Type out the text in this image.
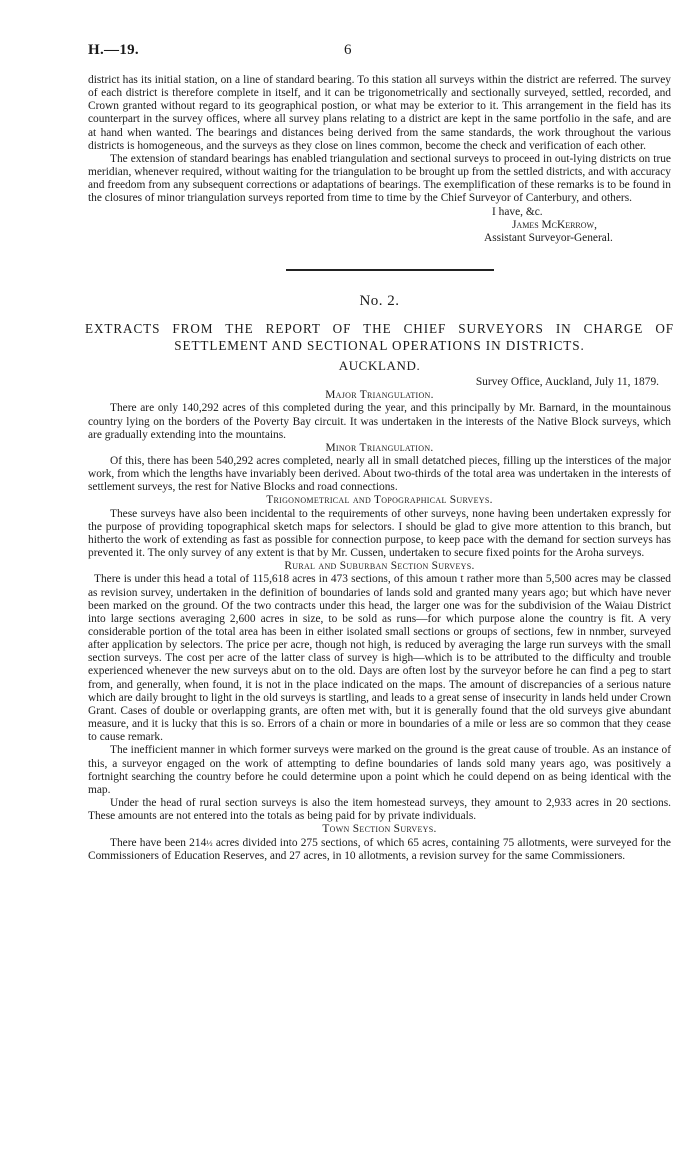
H.—19.	6

district has its initial station, on a line of standard bearing. To this station all surveys within the district are referred. The survey of each district is therefore complete in itself, and it can be trigonometrically and sectionally surveyed, settled, recorded, and Crown granted without regard to its geographical postion, or what may be exterior to it. This arrangement in the field has its counterpart in the survey offices, where all survey plans relating to a district are kept in the same portfolio in the safe, and are at hand when wanted. The bearings and distances being derived from the same standards, the work throughout the various districts is homogeneous, and the surveys as they close on lines common, become the check and verification of each other.

The extension of standard bearings has enabled triangulation and sectional surveys to proceed in out-lying districts on true meridian, whenever required, without waiting for the triangulation to be brought up from the settled districts, and with accuracy and freedom from any subsequent corrections or adaptations of bearings. The exemplification of these remarks is to be found in the closures of minor triangulation surveys reported from time to time by the Chief Surveyor of Canterbury, and others.

I have, &c.
James McKerrow,
Assistant Surveyor-General.
No. 2.
EXTRACTS FROM THE REPORT OF THE CHIEF SURVEYORS IN CHARGE OF
SETTLEMENT AND SECTIONAL OPERATIONS IN DISTRICTS.
AUCKLAND.
Survey Office, Auckland, July 11, 1879.
Major Triangulation.

There are only 140,292 acres of this completed during the year, and this principally by Mr. Barnard, in the mountainous country lying on the borders of the Poverty Bay circuit. It was undertaken in the interests of the Native Block surveys, which are gradually extending into the mountains.

Minor Triangulation.

Of this, there has been 540,292 acres completed, nearly all in small detatched pieces, filling up the interstices of the major work, from which the lengths have invariably been derived. About two-thirds of the total area was undertaken in the interests of settlement surveys, the rest for Native Blocks and road connections.

Trigonometrical and Topographical Surveys.

These surveys have also been incidental to the requirements of other surveys, none having been undertaken expressly for the purpose of providing topographical sketch maps for selectors. I should be glad to give more attention to this branch, but hitherto the work of extending as fast as possible for connection purpose, to keep pace with the demand for section surveys has prevented it. The only survey of any extent is that by Mr. Cussen, undertaken to secure fixed points for the Aroha surveys.

Rural and Suburban Section Surveys.

There is under this head a total of 115,618 acres in 473 sections, of this amoun t rather more than 5,500 acres may be classed as revision survey, undertaken in the definition of boundaries of lands sold and granted many years ago; but which have never been marked on the ground. Of the two contracts under this head, the larger one was for the subdivision of the Waiau District into large sections averaging 2,600 acres in size, to be sold as runs—for which purpose alone the country is fit. A very considerable portion of the total area has been in either isolated small sections or groups of sections, few in nnmber, surveyed after application by selectors. The price per acre, though not high, is reduced by averaging the large run surveys with the small section surveys. The cost per acre of the latter class of survey is high—which is to be attributed to the difficulty and trouble experienced whenever the new surveys abut on to the old. Days are often lost by the surveyor before he can find a peg to start from, and generally, when found, it is not in the place indicated on the maps. The amount of discrepancies of a serious nature which are daily brought to light in the old surveys is startling, and leads to a great sense of insecurity in lands held under Crown Grant. Cases of double or overlapping grants, are often met with, but it is generally found that the old surveys give abundant measure, and it is lucky that this is so. Errors of a chain or more in boundaries of a mile or less are so common that they cease to cause remark.

The inefficient manner in which former surveys were marked on the ground is the great cause of trouble. As an instance of this, a surveyor engaged on the work of attempting to define boundaries of lands sold many years ago, was positively a fortnight searching the country before he could determine upon a point which he could depend on as being identical with the map.

Under the head of rural section surveys is also the item homestead surveys, they amount to 2,933 acres in 20 sections. These amounts are not entered into the totals as being paid for by private individuals.

Town Section Surveys.

There have been 214½ acres divided into 275 sections, of which 65 acres, containing 75 allotments, were surveyed for the Commissioners of Education Reserves, and 27 acres, in 10 allotments, a revision survey for the same Commissioners.
